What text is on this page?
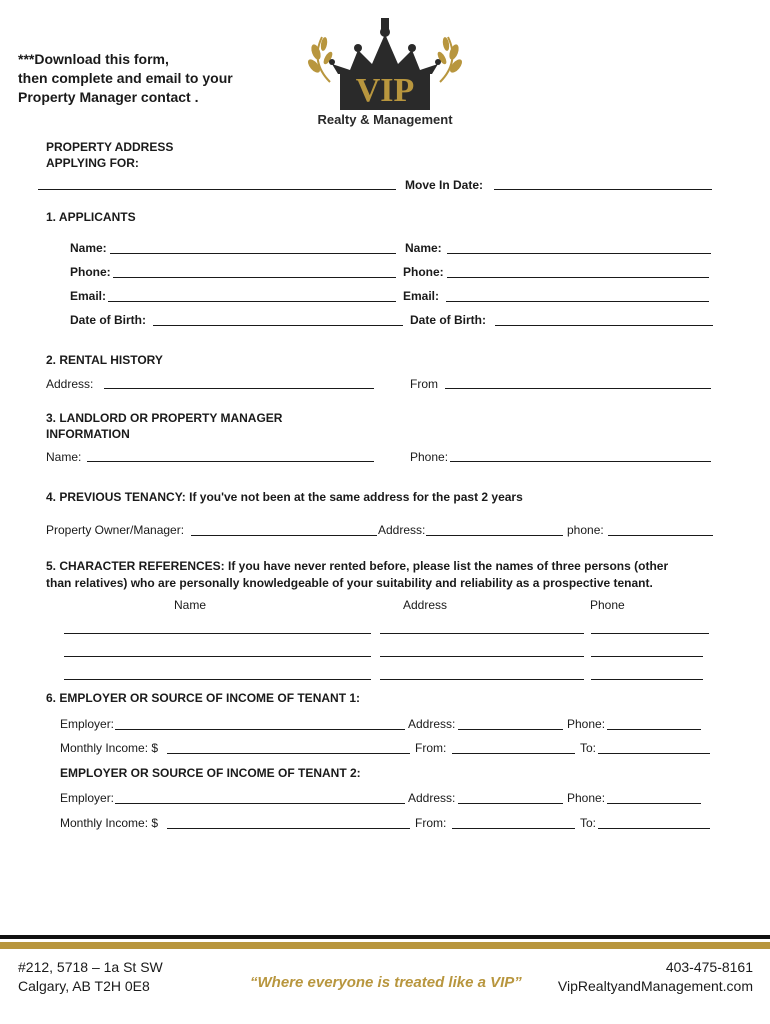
***Download this form,
then complete and email to your
Property Manager contact .	VIP
Realty & Management
PROPERTY ADDRESS
APPLYING FOR:
Move In Date:
1. APPLICANTS
Name:	Name:
Phone:	Phone:
Email:	Email:
Date of Birth:	Date of Birth:
2. RENTAL HISTORY
Address:	From
3. LANDLORD OR PROPERTY MANAGER
INFORMATION
Name:	Phone:
4. PREVIOUS TENANCY: If you've not been at the same address for the past 2 years
Property Owner/Manager:	Address:	phone:
5. CHARACTER REFERENCES: If you have never rented before, please list the names of three persons (other
than relatives) who are personally knowledgeable of your suitability and reliability as a prospective tenant.
Name	Address	Phone
6. EMPLOYER OR SOURCE OF INCOME OF TENANT 1:
Employer:	Address:	Phone:
Monthly Income: $	From:	To:
EMPLOYER OR SOURCE OF INCOME OF TENANT 2:
Employer:	Address:	Phone:
Monthly Income: $	From:	To:
#212, 5718 – 1a St SW
Calgary, AB T2H 0E8	“Where everyone is treated like a VIP”
403-475-8161
VipRealtyandManagement.com
